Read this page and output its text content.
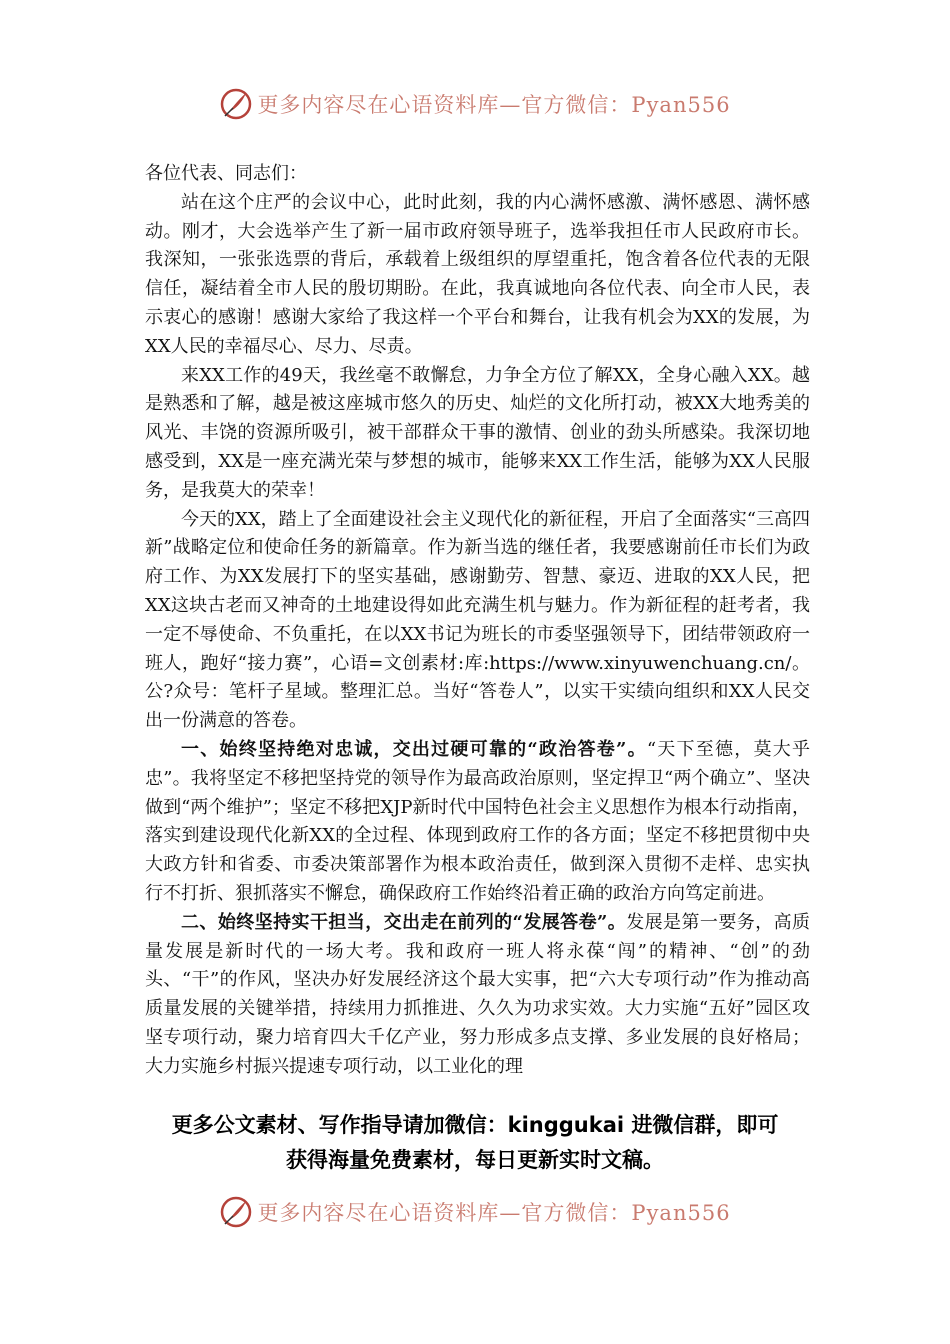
更多内容尽在心语资料库—官方微信：Pyan556

各位代表、同志们：

站在这个庄严的会议中心，此时此刻，我的内心满怀感激、满怀感恩、满怀感动。刚才，大会选举产生了新一届市政府领导班子，选举我担任市人民政府市长。我深知，一张张选票的背后，承载着上级组织的厚望重托，饱含着各位代表的无限信任，凝结着全市人民的殷切期盼。在此，我真诚地向各位代表、向全市人民，表示衷心的感谢！感谢大家给了我这样一个平台和舞台，让我有机会为XX的发展，为XX人民的幸福尽心、尽力、尽责。

来XX工作的49天，我丝毫不敢懈怠，力争全方位了解XX，全身心融入XX。越是熟悉和了解，越是被这座城市悠久的历史、灿烂的文化所打动，被XX大地秀美的风光、丰饶的资源所吸引，被干部群众干事的激情、创业的劲头所感染。我深切地感受到，XX是一座充满光荣与梦想的城市，能够来XX工作生活，能够为XX人民服务，是我莫大的荣幸！

今天的XX，踏上了全面建设社会主义现代化的新征程，开启了全面落实“三高四新”战略定位和使命任务的新篇章。作为新当选的继任者，我要感谢前任市长们为政府工作、为XX发展打下的坚实基础，感谢勤劳、智慧、豪迈、进取的XX人民，把XX这块古老而又神奇的土地建设得如此充满生机与魅力。作为新征程的赶考者，我一定不辱使命、不负重托，在以XX书记为班长的市委坚强领导下，团结带领政府一班人，跑好“接力赛”，心语=文创素材:库:https://www.xinyuwenchuang.cn/。公?众号：笔杆子星域。整理汇总。当好“答卷人”，以实干实绩向组织和XX人民交出一份满意的答卷。

一、始终坚持绝对忠诚，交出过硬可靠的“政治答卷”。“天下至德，莫大乎忠”。我将坚定不移把坚持党的领导作为最高政治原则，坚定捍卫“两个确立”、坚决做到“两个维护”；坚定不移把XJP新时代中国特色社会主义思想作为根本行动指南，落实到建设现代化新XX的全过程、体现到政府工作的各方面；坚定不移把贯彻中央大政方针和省委、市委决策部署作为根本政治责任，做到深入贯彻不走样、忠实执行不打折、狠抓落实不懈怠，确保政府工作始终沿着正确的政治方向笃定前进。

二、始终坚持实干担当，交出走在前列的“发展答卷”。发展是第一要务，高质量发展是新时代的一场大考。我和政府一班人将永葆“闯”的精神、“创”的劲头、“干”的作风，坚决办好发展经济这个最大实事，把“六大专项行动”作为推动高质量发展的关键举措，持续用力抓推进、久久为功求实效。大力实施“五好”园区攻坚专项行动，聚力培育四大千亿产业，努力形成多点支撑、多业发展的良好格局；大力实施乡村振兴提速专项行动，以工业化的理

更多公文素材、写作指导请加微信：kinggukai 进微信群，即可
获得海量免费素材，每日更新实时文稿。
更多内容尽在心语资料库—官方微信：Pyan556
